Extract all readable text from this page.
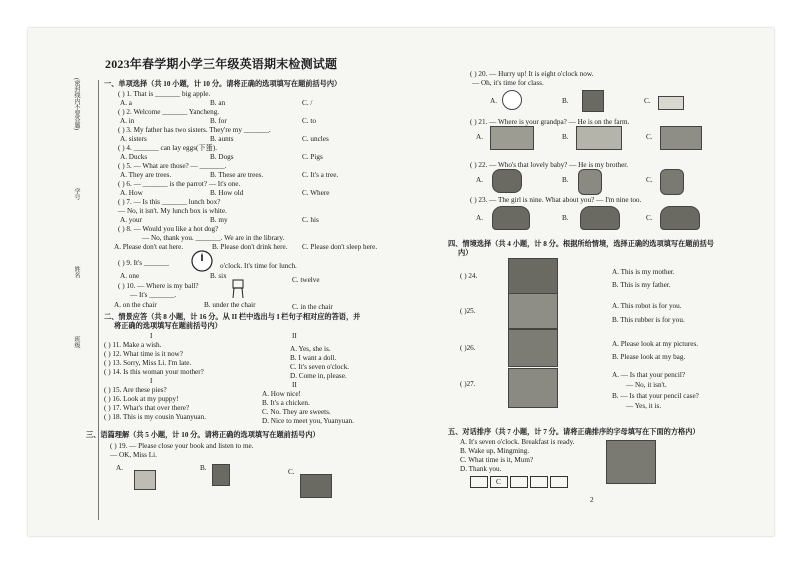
(密封线内不要答题)
学号
姓名
班级
2023年春学期小学三年级英语期末检测试题
一、单项选择（共 10 小题，计 10 分。请将正确的选项填写在题前括号内）
( ) 1. That is _______ big apple.
A. a	B. an	C. /
( ) 2. Welcome _______ Yancheng.
A. in	B. for	C. to
( ) 3. My father has two sisters. They're my _______.
A. sisters	B. aunts	C. uncles
( ) 4. _______ can lay eggs(下蛋).
A. Ducks	B. Dogs	C. Pigs
( ) 5. — What are those? — _______.
A. They are trees.	B. These are trees.	C. It's a tree.
( ) 6. — _______ is the parrot? — It's one.
A. How	B. How old	C. Where
( ) 7. — Is this _______ lunch box?
— No, it isn't. My lunch box is white.
A. your	B. my	C. his
( ) 8. — Would you like a hot dog?
— No, thank you. _______. We are in the library.
A. Please don't eat here.	B. Please don't drink here. C. Please don't sleep here.
( ) 9. It's _______	o'clock. It's time for lunch.
A. one	B. six	C. twelve
( ) 10. — Where is my ball?
— It's _______.
A. on the chair	B. under the chair	C. in the chair
二、情景应答（共 8 小题，计 16 分。从 II 栏中选出与 I 栏句子相对应的答语，并
将正确的选项填写在题前括号内）
I	II
( ) 11. Make a wish.
( ) 12. What time is it now?
( ) 13. Sorry, Miss Li. I'm late.
( ) 14. Is this woman your mother?
A. Yes, she is.
B. I want a doll.
C. It's seven o'clock.
D. Come in, please.
I	II
( ) 15. Are these pies?
( ) 16. Look at my puppy!
( ) 17. What's that over there?
( ) 18. This is my cousin Yuanyuan.
A. How nice!
B. It's a chicken.
C. No. They are sweets.
D. Nice to meet you, Yuanyuan.
三、语篇理解（共 5 小题，计 10 分。请将正确的选项填写在题前括号内）
( ) 19. — Please close your book and listen to me.
— OK, Miss Li.
A.	B.	C.
( ) 20. — Hurry up! It is eight o'clock now.
— Oh, it's time for class.
A.	B.	C.
( ) 21. — Where is your grandpa? — He is on the farm.
A.	B.	C.
( ) 22. — Who's that lovely baby? — He is my brother.
A.	B.	C.
( ) 23. — The girl is nine. What about you? — I'm nine too.
A.	B.	C.
四、情境选择（共 4 小题，计 8 分。根据所给情境，选择正确的选项填写在题前括号
内）
( ) 24.	A. This is my mother.
B. This is my father.
( )25.
A. This robot is for you.
B. This rubber is for you.
( )26.	A. Please look at my pictures.
B. Please look at my bag.
( )27.
A. — Is that your pencil?
— No, it isn't.
B. — Is that your pencil case?
— Yes, it is.
五、对话排序（共 7 小题，计 7 分。请将正确排序的字母填写在下面的方格内）
A. It's seven o'clock. Breakfast is ready.
B. Wake up, Mingming.
C. What time is it, Mum?
D. Thank you.
C
2
